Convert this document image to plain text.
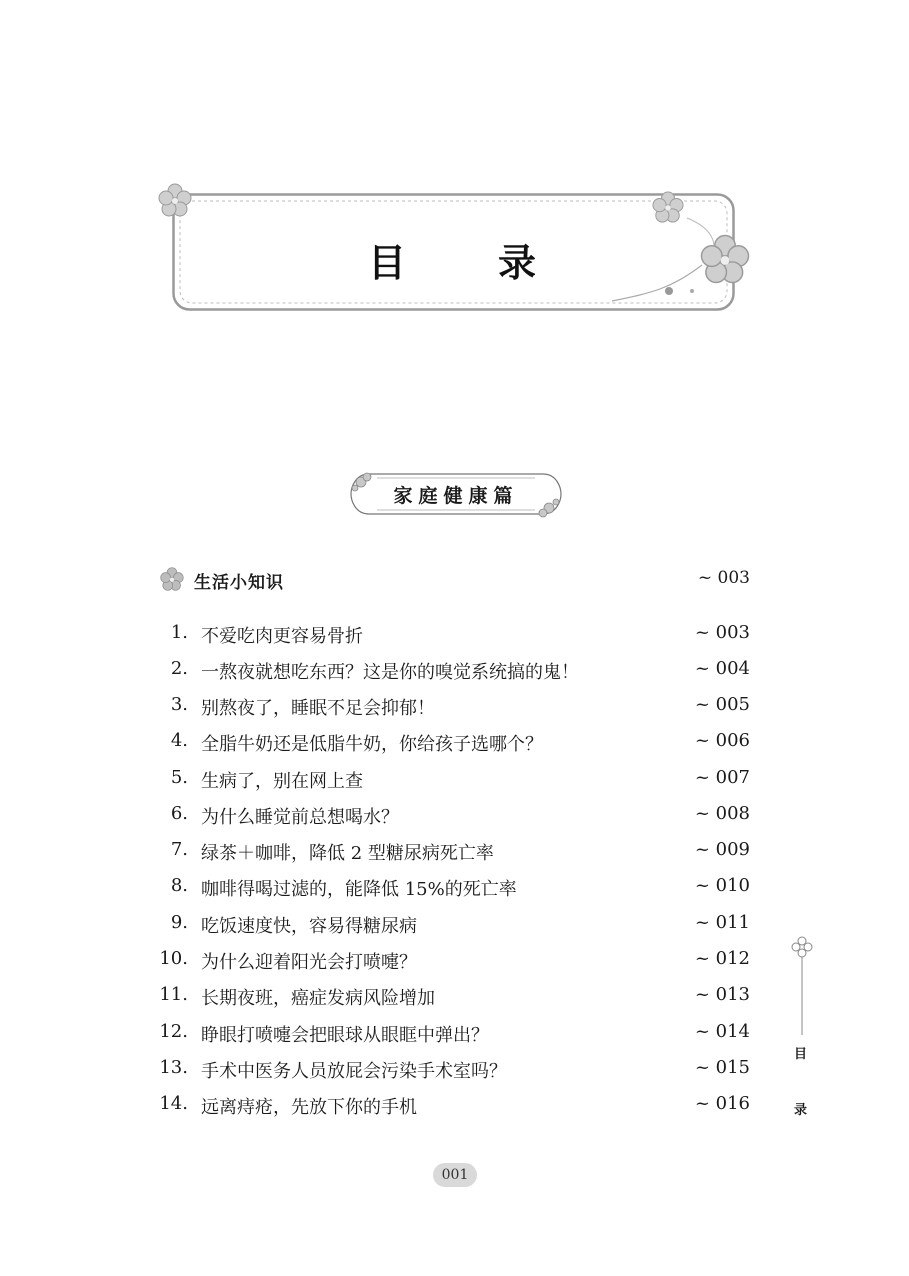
目 录
家庭健康篇
生活小知识	~ 003
1. 不爱吃肉更容易骨折	~ 003
2. 一熬夜就想吃东西？这是你的嗅觉系统搞的鬼！	~ 004
3. 别熬夜了，睡眠不足会抑郁！	~ 005
4. 全脂牛奶还是低脂牛奶，你给孩子选哪个？	~ 006
5. 生病了，别在网上查	~ 007
6. 为什么睡觉前总想喝水？	~ 008
7. 绿茶＋咖啡，降低 2 型糖尿病死亡率	~ 009
8. 咖啡得喝过滤的，能降低 15%的死亡率	~ 010
9. 吃饭速度快，容易得糖尿病	~ 011
10. 为什么迎着阳光会打喷嚏？	~ 012
11. 长期夜班，癌症发病风险增加	~ 013
12. 睁眼打喷嚏会把眼球从眼眶中弹出？	~ 014
13. 手术中医务人员放屁会污染手术室吗？	~ 015
14. 远离痔疮，先放下你的手机	~ 016
目
录
001
